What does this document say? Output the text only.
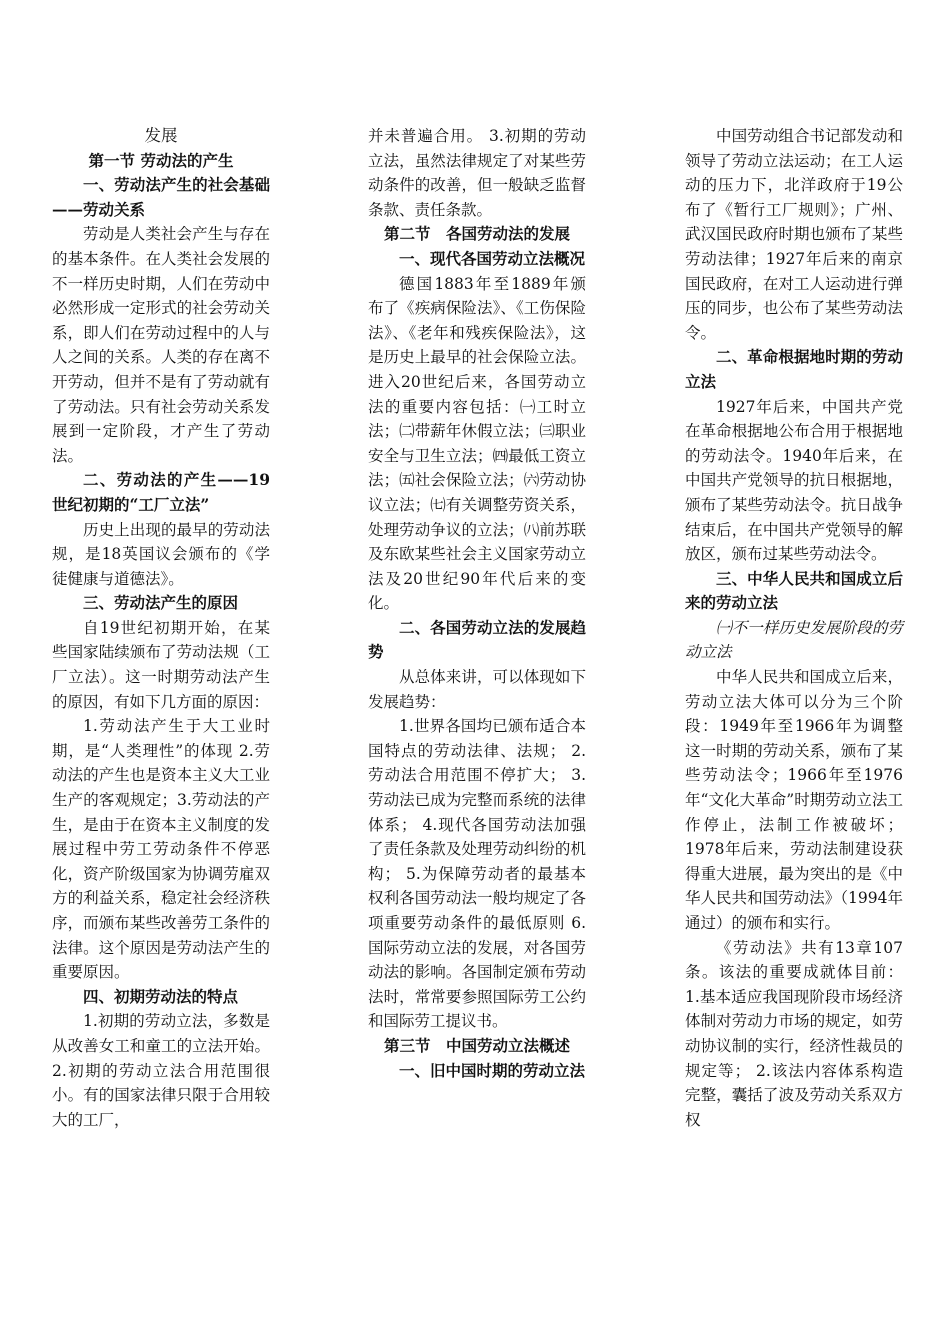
发展

第一节 劳动法的产生

一、劳动法产生的社会基础——劳动关系

劳动是人类社会产生与存在的基本条件。在人类社会发展的不一样历史时期，人们在劳动中必然形成一定形式的社会劳动关系，即人们在劳动过程中的人与人之间的关系。人类的存在离不开劳动，但并不是有了劳动就有了劳动法。只有社会劳动关系发展到一定阶段，才产生了劳动法。

二、劳动法的产生——19世纪初期的“工厂立法”

历史上出现的最早的劳动法规，是18英国议会颁布的《学徒健康与道德法》。

三、劳动法产生的原因

自19世纪初期开始，在某些国家陆续颁布了劳动法规（工厂立法）。这一时期劳动法产生的原因，有如下几方面的原因：

1.劳动法产生于大工业时期，是“人类理性”的体现 2.劳动法的产生也是资本主义大工业生产的客观规定；3.劳动法的产生，是由于在资本主义制度的发展过程中劳工劳动条件不停恶化，资产阶级国家为协调劳雇双方的利益关系，稳定社会经济秩序，而颁布某些改善劳工条件的法律。这个原因是劳动法产生的重要原因。

四、初期劳动法的特点

1.初期的劳动立法，多数是从改善女工和童工的立法开始。 2.初期的劳动立法合用范围很小。有的国家法律只限于合用较大的工厂，

并未普遍合用。 3.初期的劳动立法，虽然法律规定了对某些劳动条件的改善，但一般缺乏监督条款、责任条款。

第二节　各国劳动法的发展

一、现代各国劳动立法概况

德国1883年至1889年颁布了《疾病保险法》、《工伤保险法》、《老年和残疾保险法》，这是历史上最早的社会保险立法。进入20世纪后来，各国劳动立法的重要内容包括：㈠工时立法；㈡带薪年休假立法；㈢职业安全与卫生立法；㈣最低工资立法；㈤社会保险立法；㈥劳动协议立法；㈦有关调整劳资关系，处理劳动争议的立法；㈧前苏联及东欧某些社会主义国家劳动立法及20世纪90年代后来的变化。

二、各国劳动立法的发展趋势

从总体来讲，可以体现如下发展趋势：

1.世界各国均已颁布适合本国特点的劳动法律、法规； 2.劳动法合用范围不停扩大； 3.劳动法已成为完整而系统的法律体系； 4.现代各国劳动法加强了责任条款及处理劳动纠纷的机构； 5.为保障劳动者的最基本权利各国劳动法一般均规定了各项重要劳动条件的最低原则 6.国际劳动立法的发展，对各国劳动法的影响。各国制定颁布劳动法时，常常要参照国际劳工公约和国际劳工提议书。

第三节　中国劳动立法概述

一、旧中国时期的劳动立法

中国劳动组合书记部发动和领导了劳动立法运动；在工人运动的压力下，北洋政府于19公布了《暂行工厂规则》；广州、武汉国民政府时期也颁布了某些劳动法律；1927年后来的南京国民政府，在对工人运动进行弹压的同步，也公布了某些劳动法令。

二、革命根据地时期的劳动立法

1927年后来，中国共产党在革命根据地公布合用于根据地的劳动法令。1940年后来，在中国共产党领导的抗日根据地，颁布了某些劳动法令。抗日战争结束后，在中国共产党领导的解放区，颁布过某些劳动法令。

三、中华人民共和国成立后来的劳动立法

㈠不一样历史发展阶段的劳动立法

中华人民共和国成立后来，劳动立法大体可以分为三个阶段：1949年至1966年为调整这一时期的劳动关系，颁布了某些劳动法令；1966年至1976年“文化大革命”时期劳动立法工作停止，法制工作被破坏；1978年后来，劳动法制建设获得重大进展，最为突出的是《中华人民共和国劳动法》（1994年通过）的颁布和实行。

《劳动法》共有13章107条。该法的重要成就体目前： 1.基本适应我国现阶段市场经济体制对劳动力市场的规定，如劳动协议制的实行，经济性裁员的规定等； 2.该法内容体系构造完整，囊括了波及劳动关系双方权
